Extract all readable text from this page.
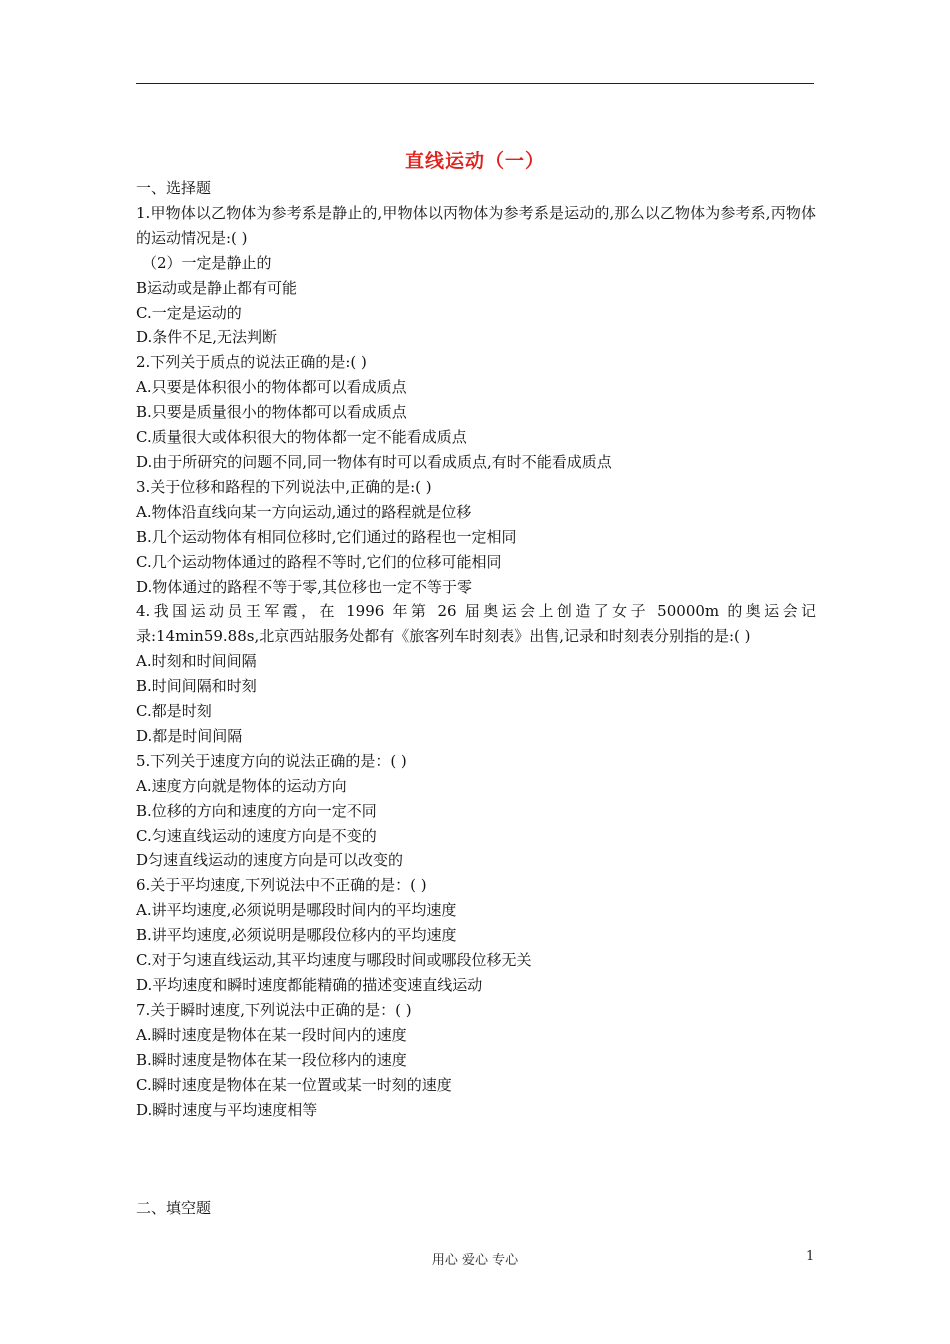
直线运动（一）
一、选择题
1.甲物体以乙物体为参考系是静止的,甲物体以丙物体为参考系是运动的,那么以乙物体为参考系,丙物体的运动情况是:( )
（2）一定是静止的
B运动或是静止都有可能
C.一定是运动的
D.条件不足,无法判断
2.下列关于质点的说法正确的是:( )
A.只要是体积很小的物体都可以看成质点
B.只要是质量很小的物体都可以看成质点
C.质量很大或体积很大的物体都一定不能看成质点
D.由于所研究的问题不同,同一物体有时可以看成质点,有时不能看成质点
3.关于位移和路程的下列说法中,正确的是:( )
A.物体沿直线向某一方向运动,通过的路程就是位移
B.几个运动物体有相同位移时,它们通过的路程也一定相同
C.几个运动物体通过的路程不等时,它们的位移可能相同
D.物体通过的路程不等于零,其位移也一定不等于零
4.我国运动员王军霞，在 1996 年第 26 届奥运会上创造了女子 50000m 的奥运会记录:14min59.88s,北京西站服务处都有《旅客列车时刻表》出售,记录和时刻表分别指的是:( )
A.时刻和时间间隔
B.时间间隔和时刻
C.都是时刻
D.都是时间间隔
5.下列关于速度方向的说法正确的是：( )
A.速度方向就是物体的运动方向
B.位移的方向和速度的方向一定不同
C.匀速直线运动的速度方向是不变的
D匀速直线运动的速度方向是可以改变的
6.关于平均速度,下列说法中不正确的是：( )
A.讲平均速度,必须说明是哪段时间内的平均速度
B.讲平均速度,必须说明是哪段位移内的平均速度
C.对于匀速直线运动,其平均速度与哪段时间或哪段位移无关
D.平均速度和瞬时速度都能精确的描述变速直线运动
7.关于瞬时速度,下列说法中正确的是：( )
A.瞬时速度是物体在某一段时间内的速度
B.瞬时速度是物体在某一段位移内的速度
C.瞬时速度是物体在某一位置或某一时刻的速度
D.瞬时速度与平均速度相等
二、填空题
用心 爱心 专心	1
